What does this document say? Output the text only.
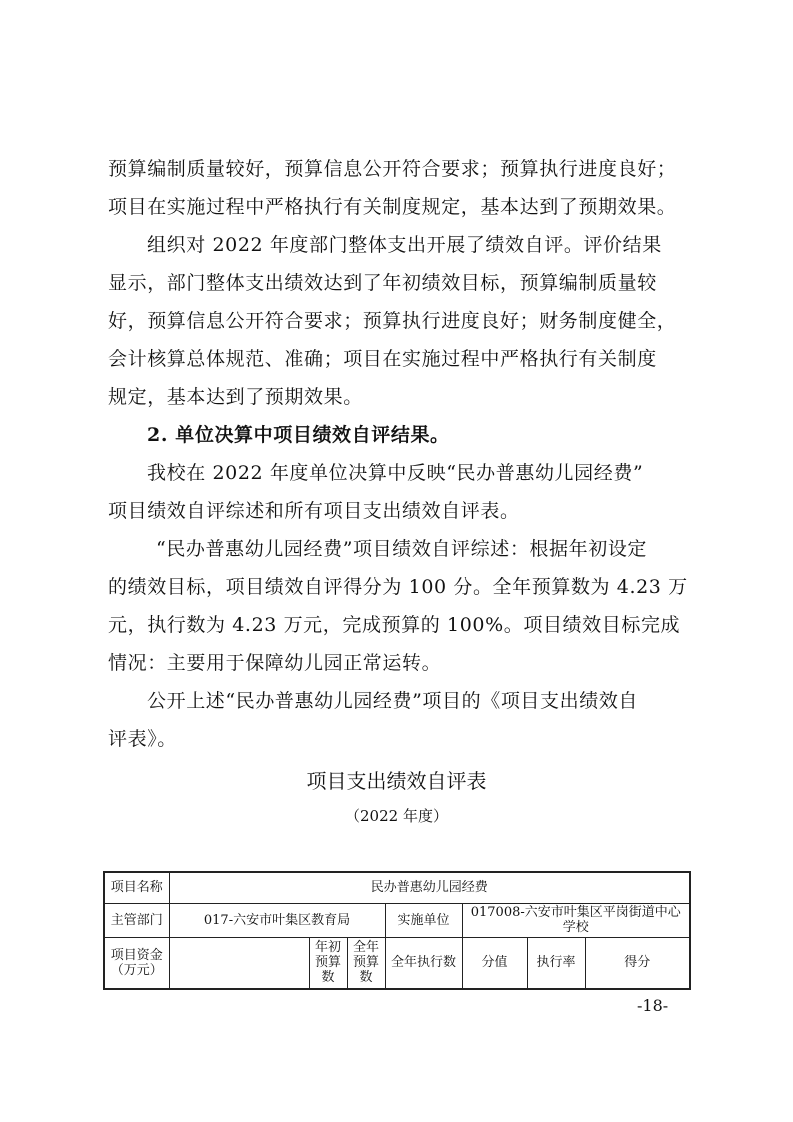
预算编制质量较好，预算信息公开符合要求；预算执行进度良好；
项目在实施过程中严格执行有关制度规定，基本达到了预期效果。
组织对 2022 年度部门整体支出开展了绩效自评。评价结果
显示，部门整体支出绩效达到了年初绩效目标，预算编制质量较
好，预算信息公开符合要求；预算执行进度良好；财务制度健全，
会计核算总体规范、准确；项目在实施过程中严格执行有关制度
规定，基本达到了预期效果。
2. 单位决算中项目绩效自评结果。
我校在 2022 年度单位决算中反映“民办普惠幼儿园经费”
项目绩效自评综述和所有项目支出绩效自评表。
“民办普惠幼儿园经费”项目绩效自评综述：根据年初设定
的绩效目标，项目绩效自评得分为 100 分。全年预算数为 4.23 万
元，执行数为 4.23 万元，完成预算的 100%。项目绩效目标完成
情况：主要用于保障幼儿园正常运转。
公开上述“民办普惠幼儿园经费”项目的《项目支出绩效自
评表》。
项目支出绩效自评表
（2022 年度）
项目名称	民办普惠幼儿园经费						
主管部门	017-六安市叶集区教育局			实施单位	017008-六安市叶集区平岗街道中心学校		
项目资金（万元）		年初预算数	全年预算数	全年执行数	分值	执行率	得分
-18-
